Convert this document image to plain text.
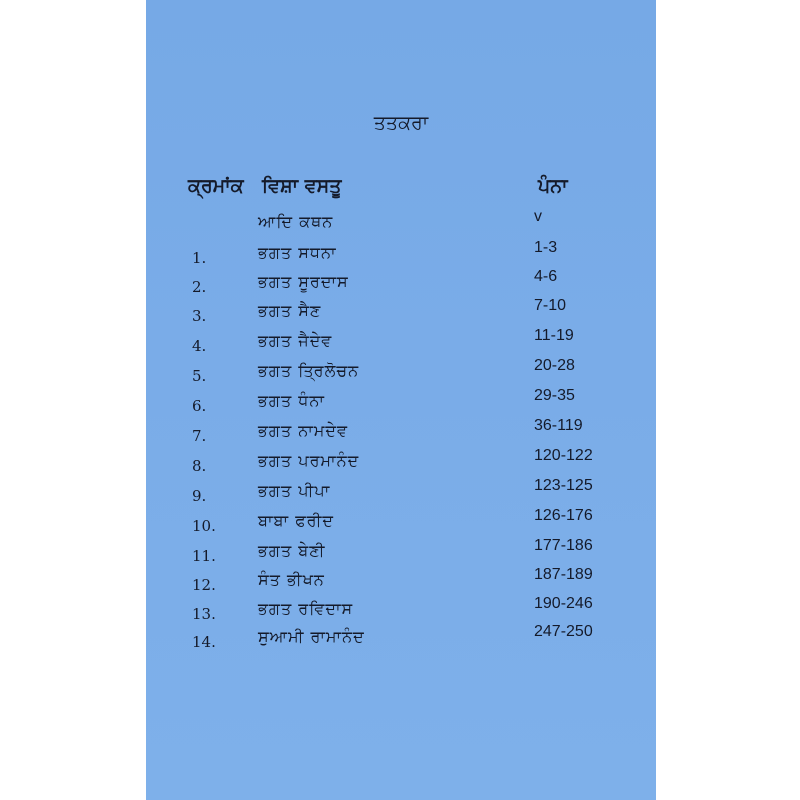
ਤਤਕਰਾ
ਕ੍ਰਮਾਂਕ ਵਿਸ਼ਾ ਵਸਤੂ	ਪੰਨਾ
ਆਦਿ ਕਥਨ	v
1.	ਭਗਤ ਸਧਨਾ	1-3
2.	ਭਗਤ ਸੂਰਦਾਸ	4-6
3.	ਭਗਤ ਸੈਣ	7-10
4.	ਭਗਤ ਜੈਦੇਵ	11-19
5.	ਭਗਤ ਤ੍ਰਿਲੋਚਨ	20-28
6.	ਭਗਤ ਧੰਨਾ	29-35
7.	ਭਗਤ ਨਾਮਦੇਵ	36-119
8.	ਭਗਤ ਪਰਮਾਨੰਦ	120-122
9.	ਭਗਤ ਪੀਪਾ	123-125
10.	ਬਾਬਾ ਫਰੀਦ	126-176
11.	ਭਗਤ ਬੇਣੀ	177-186
12.	ਸੰਤ ਭੀਖਨ	187-189
13.	ਭਗਤ ਰਵਿਦਾਸ	190-246
14.	ਸੁਆਮੀ ਰਾਮਾਨੰਦ	247-250
